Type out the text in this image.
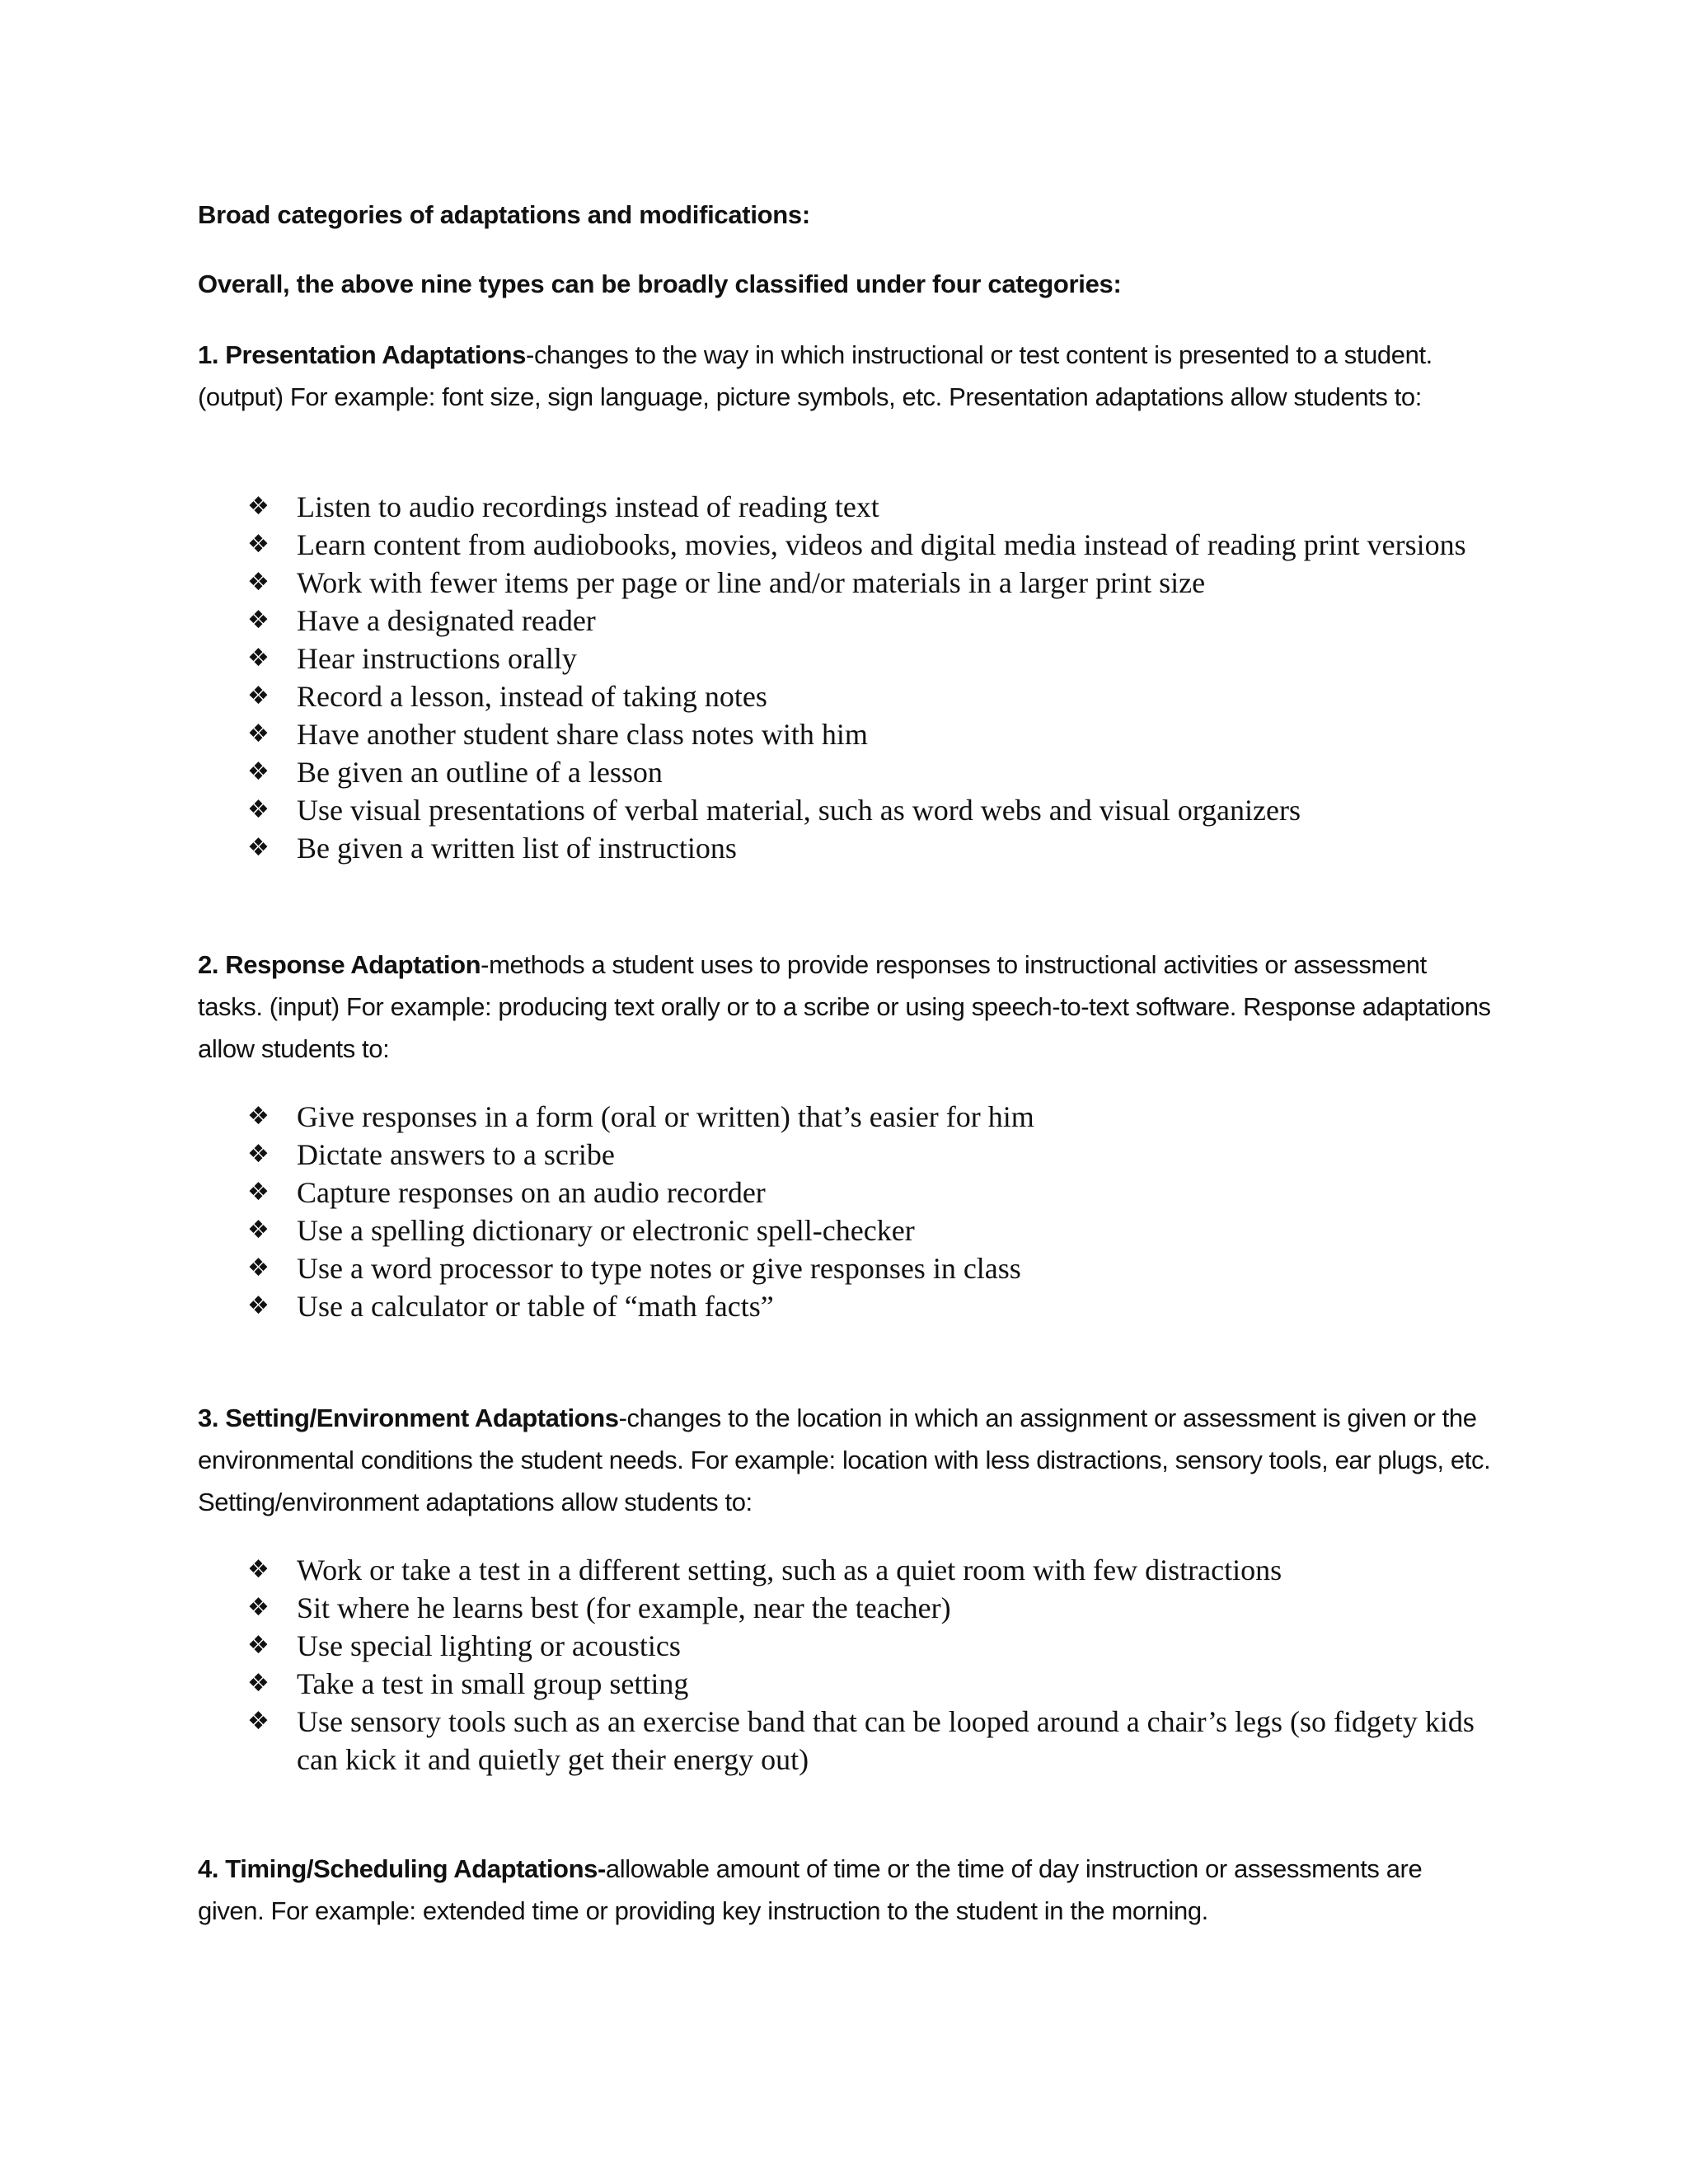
Broad categories of adaptations and modifications:
Overall, the above nine types can be broadly classified under four categories:

1. Presentation Adaptations-changes to the way in which instructional or test content is presented to a student. (output) For example: font size, sign language, picture symbols, etc. Presentation adaptations allow students to:

❖ Listen to audio recordings instead of reading text
❖ Learn content from audiobooks, movies, videos and digital media instead of reading print versions
❖ Work with fewer items per page or line and/or materials in a larger print size
❖ Have a designated reader
❖ Hear instructions orally
❖ Record a lesson, instead of taking notes
❖ Have another student share class notes with him
❖ Be given an outline of a lesson
❖ Use visual presentations of verbal material, such as word webs and visual organizers
❖ Be given a written list of instructions

2. Response Adaptation-methods a student uses to provide responses to instructional activities or assessment tasks. (input) For example: producing text orally or to a scribe or using speech-to-text software. Response adaptations allow students to:

❖ Give responses in a form (oral or written) that’s easier for him
❖ Dictate answers to a scribe
❖ Capture responses on an audio recorder
❖ Use a spelling dictionary or electronic spell-checker
❖ Use a word processor to type notes or give responses in class
❖ Use a calculator or table of “math facts”

3. Setting/Environment Adaptations-changes to the location in which an assignment or assessment is given or the environmental conditions the student needs. For example: location with less distractions, sensory tools, ear plugs, etc. Setting/environment adaptations allow students to:

❖ Work or take a test in a different setting, such as a quiet room with few distractions
❖ Sit where he learns best (for example, near the teacher)
❖ Use special lighting or acoustics
❖ Take a test in small group setting
❖ Use sensory tools such as an exercise band that can be looped around a chair’s legs (so fidgety kids can kick it and quietly get their energy out)

4. Timing/Scheduling Adaptations-allowable amount of time or the time of day instruction or assessments are given. For example: extended time or providing key instruction to the student in the morning.
